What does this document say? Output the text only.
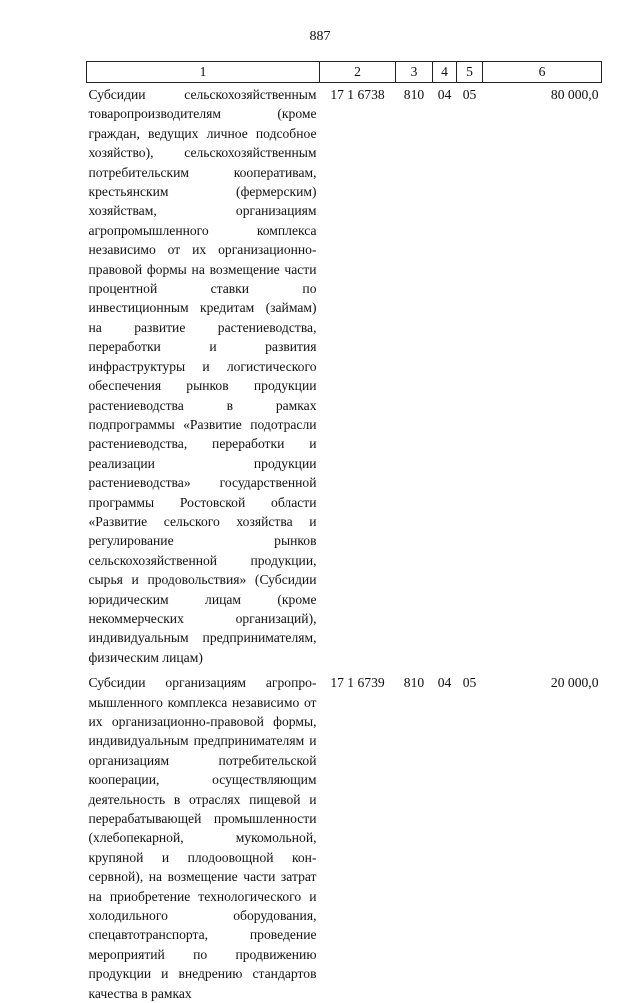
887
1	2	3	4	5	6
Субсидии сельскохозяйственным товаропроизводителям (кроме граждан, ведущих личное подсобное хозяйство), сельскохозяйственным потребительским кооперативам, крестьянским (фермерским) хозяйствам, организациям агропромышленного комплекса независимо от их организационно-правовой формы на возмещение части процентной ставки по инвестиционным кредитам (займам) на развитие растениеводства, переработки и развития инфраструктуры и логистического обеспечения рынков продукции растениеводства в рамках подпрограммы «Развитие подотрасли растениеводства, переработки и реализации продукции растениеводства» государственной программы Ростовской области «Развитие сельского хозяйства и регулирование рынков сельскохозяйственной продукции, сырья и продовольствия» (Субсидии юридическим лицам (кроме некоммерческих организаций), индивидуальным предпринимателям, физическим лицам)	17 1 6738	810	04	05	80 000,0
Субсидии организациям агропромышленного комплекса независимо от их организационно-правовой формы, индивидуальным предпринимателям и организациям потребительской кооперации, осуществляющим деятельность в отраслях пищевой и перерабатывающей промышленности (хлебопекарной, мукомольной, крупяной и плодоовощной консервной), на возмещение части затрат на приобретение технологического и холодильного оборудования, спецавтотранспорта, проведение мероприятий по продвижению продукции и внедрению стандартов качества в рамках	17 1 6739	810	04	05	20 000,0
